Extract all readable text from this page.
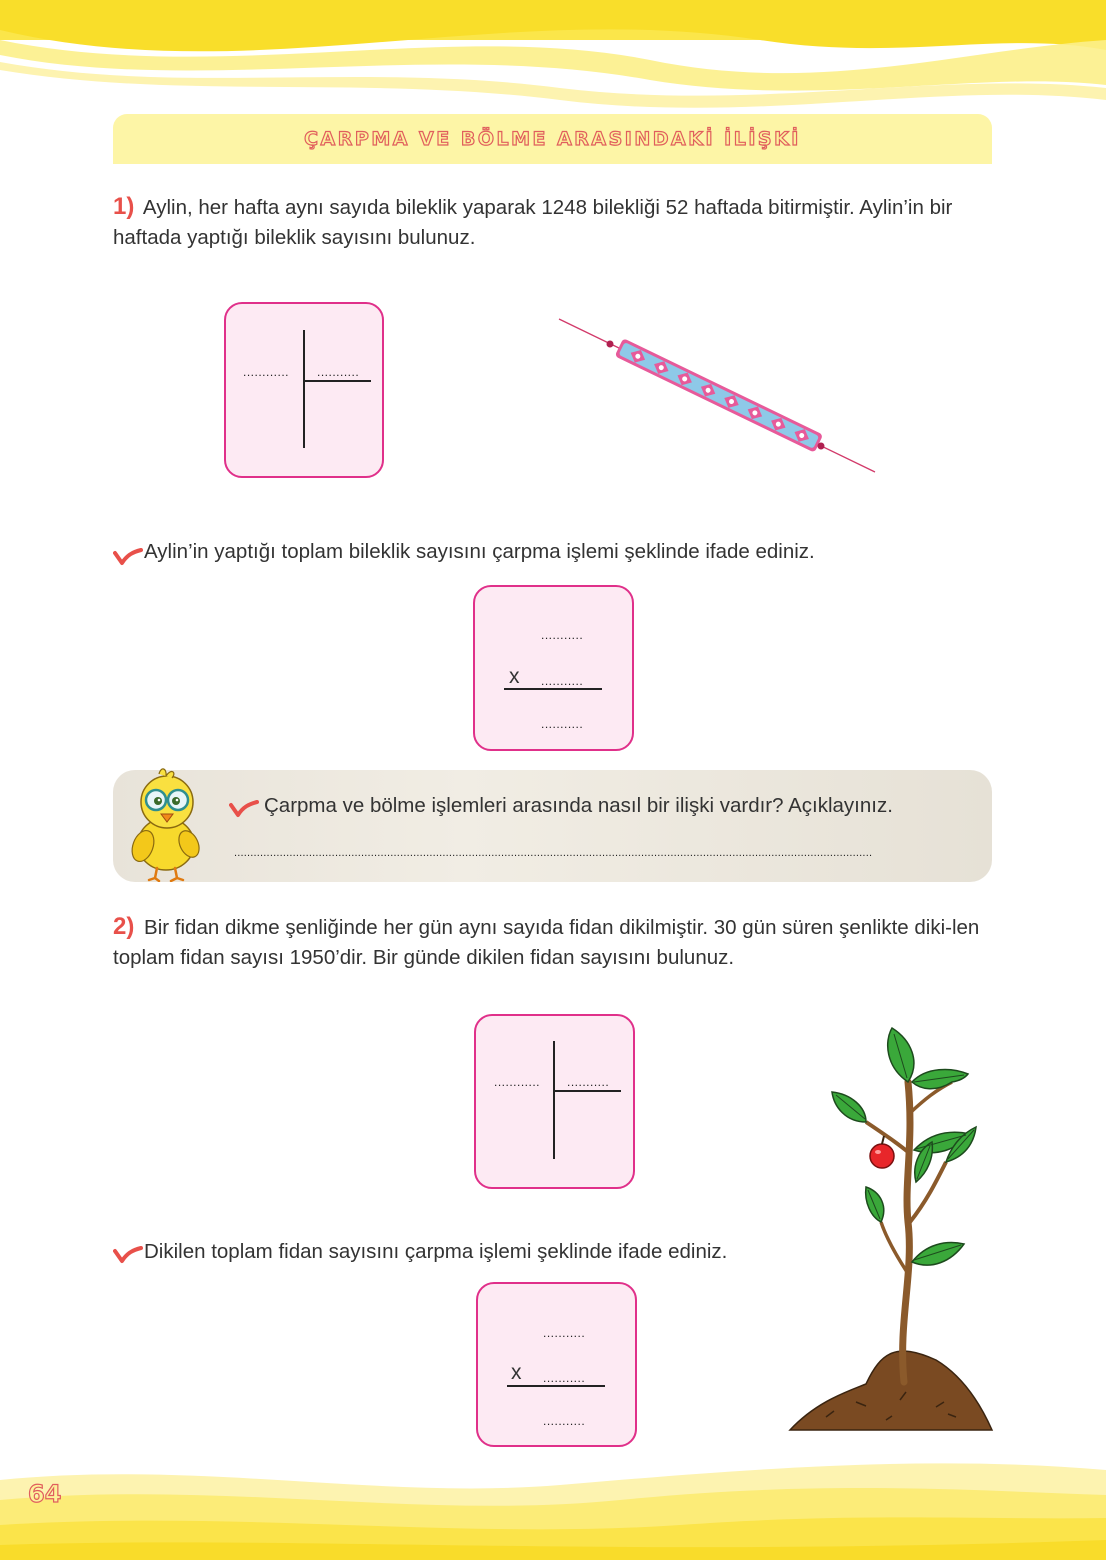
ÇARPMA VE BÖLME ARASINDAKİ İLİŞKİ
1) Aylin, her hafta aynı sayıda bileklik yaparak 1248 bilekliği 52 haftada bitirmiştir. Aylin’in bir haftada yaptığı bileklik sayısını bulunuz.
............ ...........
Aylin’in yaptığı toplam bileklik sayısını çarpma işlemi şeklinde ifade ediniz.
...........
x ...........
...........
Çarpma ve bölme işlemleri arasında nasıl bir ilişki vardır? Açıklayınız.
....................................................................................................................................................................................................
2) Bir fidan dikme şenliğinde her gün aynı sayıda fidan dikilmiştir. 30 gün süren şenlikte diki-len toplam fidan sayısı 1950’dir. Bir günde dikilen fidan sayısını bulunuz.
............ ...........
Dikilen toplam fidan sayısını çarpma işlemi şeklinde ifade ediniz.
...........
x ...........
...........
64
